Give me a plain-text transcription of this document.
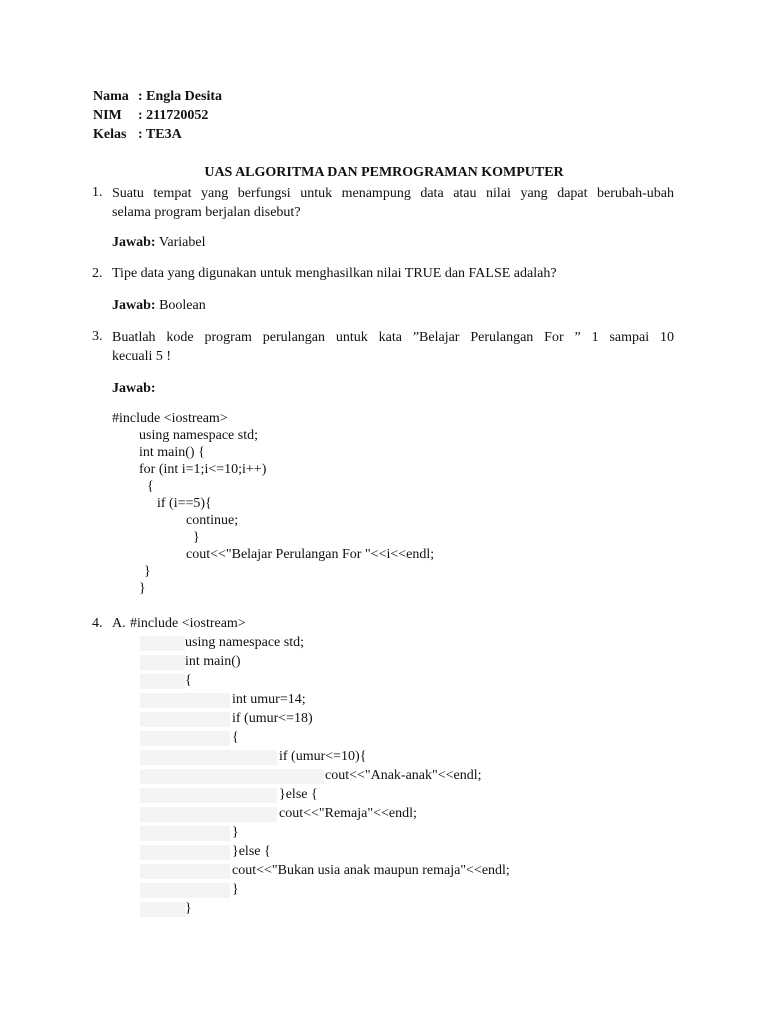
Nama : Engla Desita
NIM : 211720052
Kelas : TE3A
UAS ALGORITMA DAN PEMROGRAMAN KOMPUTER
1. Suatu tempat yang berfungsi untuk menampung data atau nilai yang dapat berubah-ubah
selama program berjalan disebut?
Jawab: Variabel
2. Tipe data yang digunakan untuk menghasilkan nilai TRUE dan FALSE adalah?
Jawab: Boolean
3. Buatlah kode program perulangan untuk kata ”Belajar Perulangan For ” 1 sampai 10
kecuali 5 !
Jawab:
#include <iostream>
using namespace std;
int main() {
for (int i=1;i<=10;i++)
{
if (i==5){
continue;
}
cout<<"Belajar Perulangan For "<<i<<endl;
}
}
4. A. #include <iostream>
using namespace std;
int main()
{
int umur=14;
if (umur<=18)
{
if (umur<=10){
cout<<"Anak-anak"<<endl;
}else {
cout<<"Remaja"<<endl;
}
}else {
cout<<"Bukan usia anak maupun remaja"<<endl;
}
}
